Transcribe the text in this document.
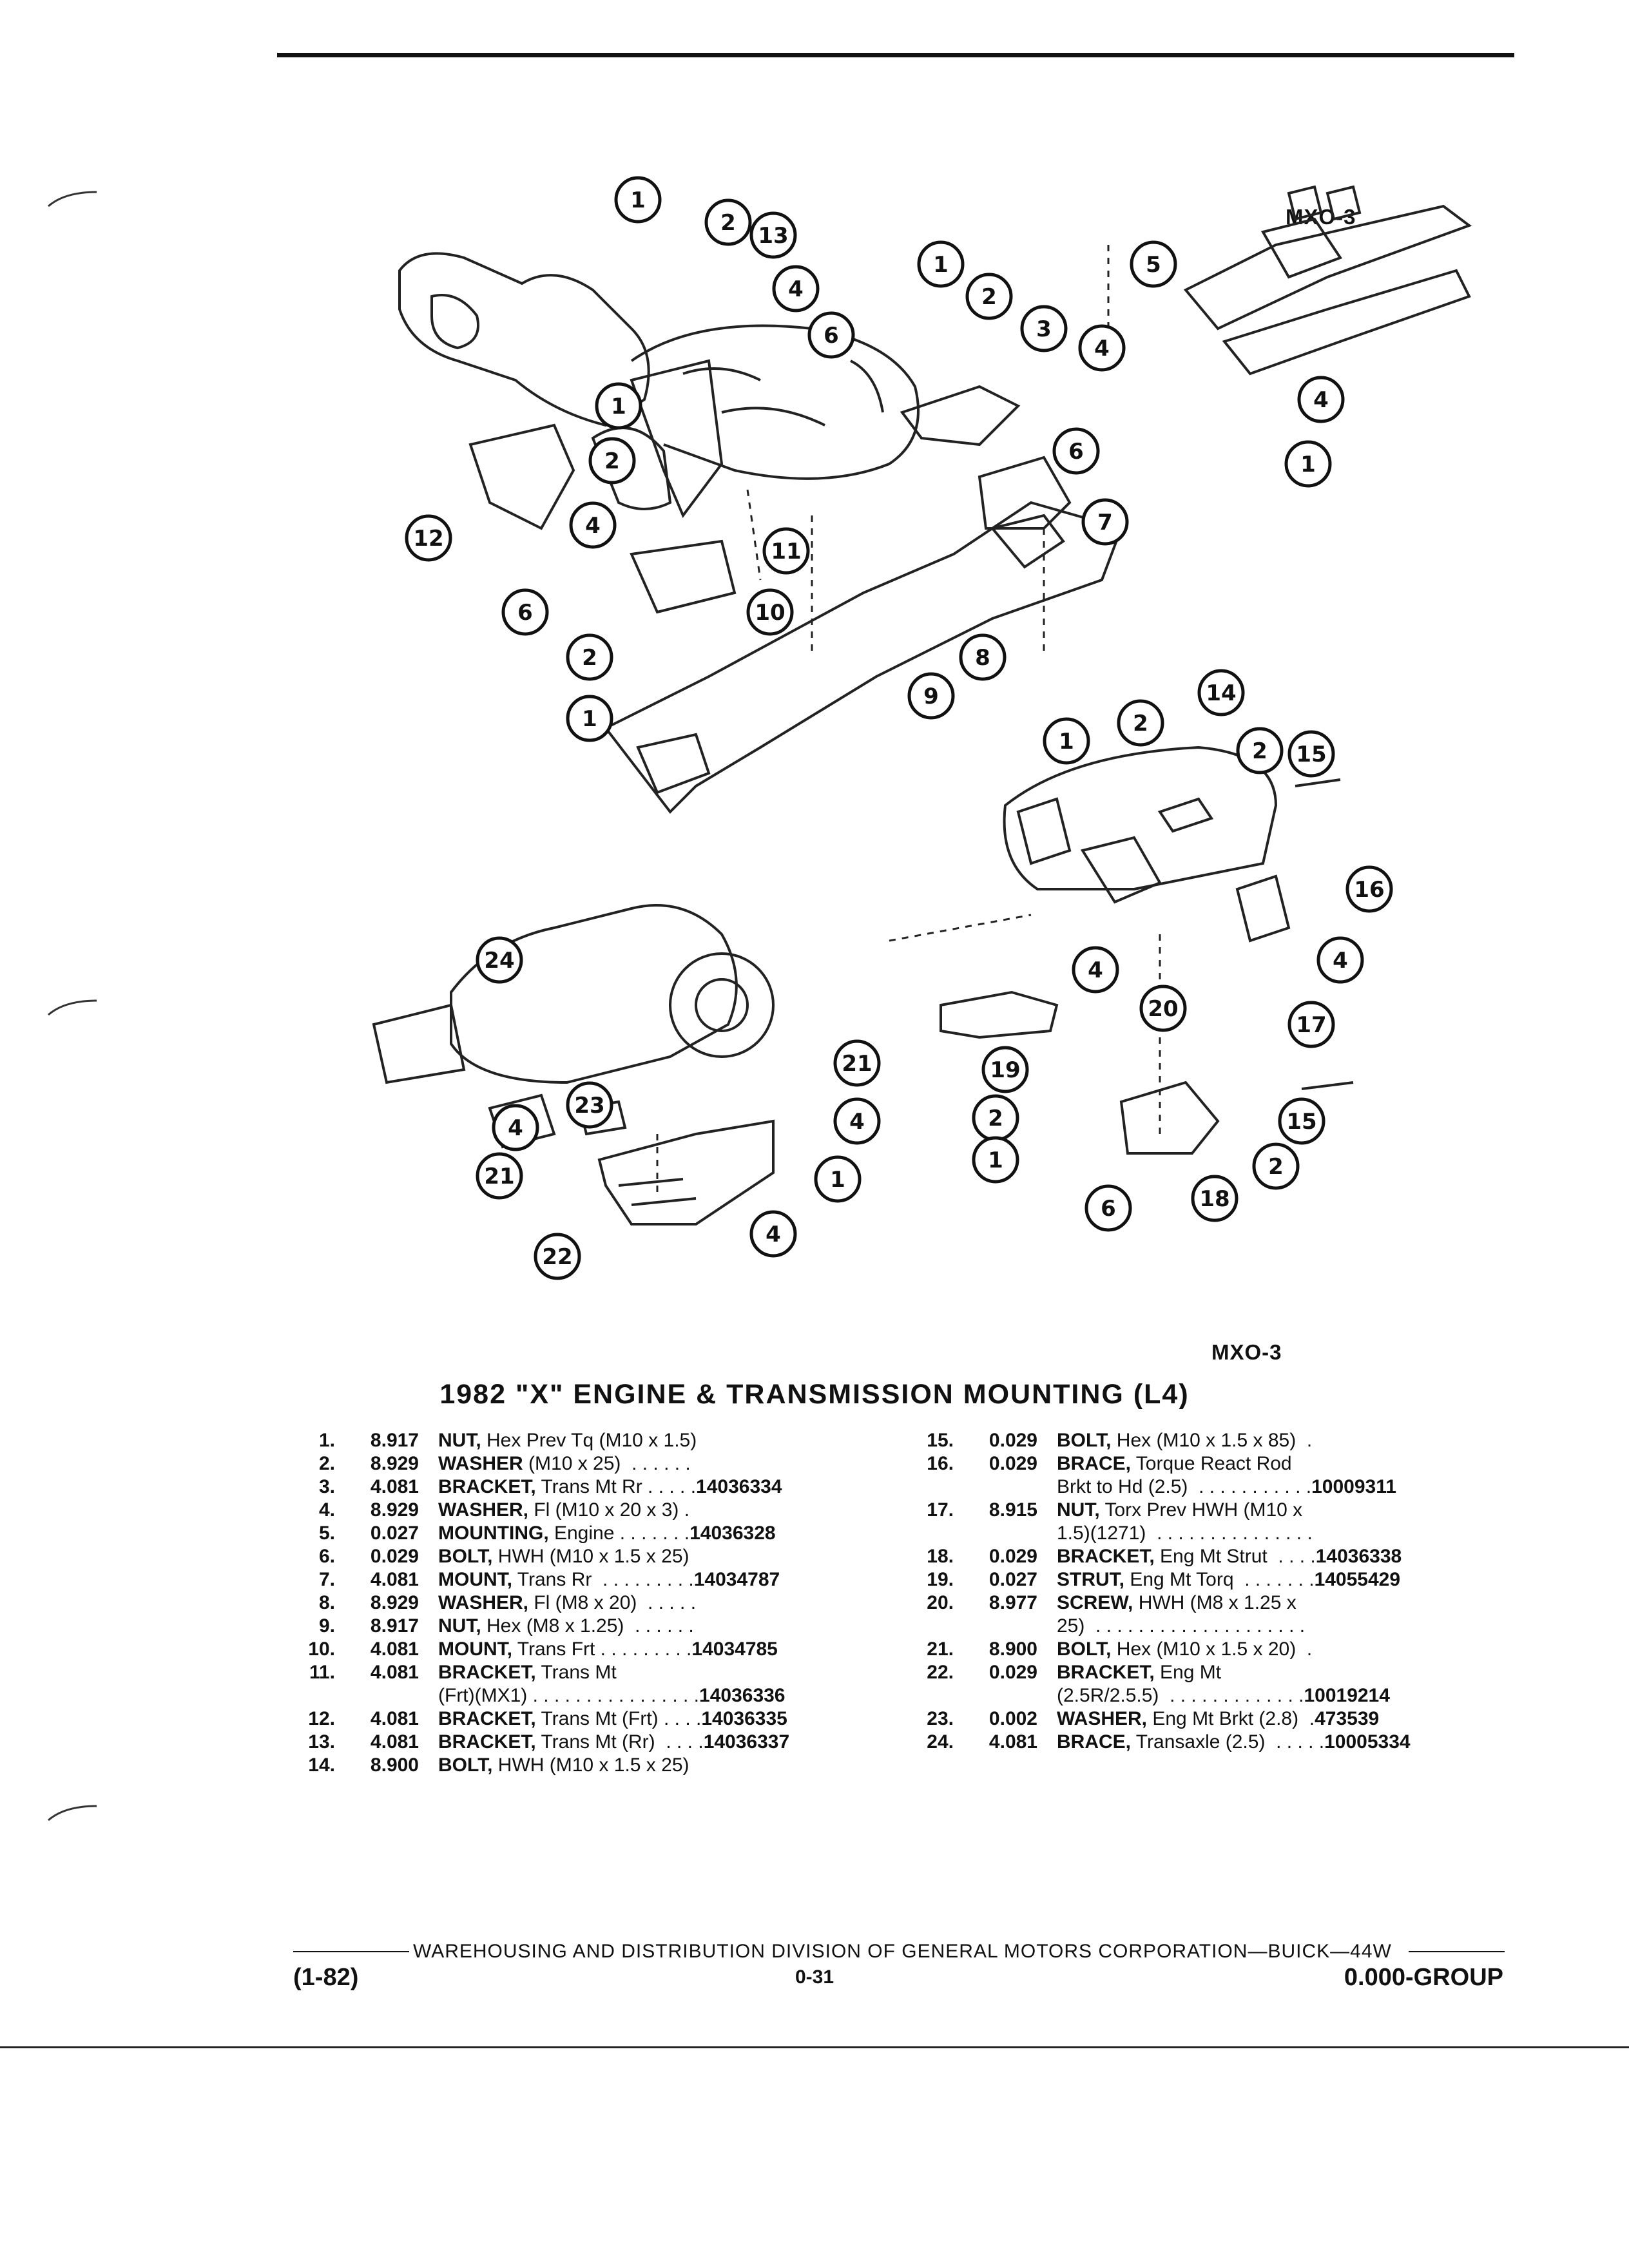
MXO-3
MXO-3
1
2 13
4
6
1
2
3
4
6
7
5
4
1
1
2
12	4
11
6	10
8
9
2
1
14
1
2
2 15
16
4
4
20
17
19
2
1
15
2
6	18
24
21
23
4
4
21	1
4
22
1982 "X" ENGINE & TRANSMISSION MOUNTING (L4)
1.	8.917 NUT, Hex Prev Tq (M10 x 1.5)
2.	8.929 WASHER (M10 x 25)  . . . . . .
3.	4.081 BRACKET, Trans Mt Rr . . . . .14036334
4.	8.929 WASHER, Fl (M10 x 20 x 3) .
5.	0.027 MOUNTING, Engine . . . . . . .14036328
6.	0.029 BOLT, HWH (M10 x 1.5 x 25)
7.	4.081 MOUNT, Trans Rr  . . . . . . . . .14034787
8.	8.929 WASHER, Fl (M8 x 20)  . . . . .
9.	8.917 NUT, Hex (M8 x 1.25)  . . . . . .
10.	4.081 MOUNT, Trans Frt . . . . . . . . .14034785
11.	4.081 BRACKET, Trans Mt
(Frt)(MX1) . . . . . . . . . . . . . . . .14036336
12.	4.081 BRACKET, Trans Mt (Frt) . . . .14036335
13.	4.081 BRACKET, Trans Mt (Rr)  . . . .14036337
14.	8.900 BOLT, HWH (M10 x 1.5 x 25)
15.	0.029 BOLT, Hex (M10 x 1.5 x 85)  .
16.	0.029 BRACE, Torque React Rod
Brkt to Hd (2.5)  . . . . . . . . . . .10009311
17.	8.915 NUT, Torx Prev HWH (M10 x
1.5)(1271)  . . . . . . . . . . . . . . .
18.	0.029 BRACKET, Eng Mt Strut  . . . .14036338
19.	0.027 STRUT, Eng Mt Torq  . . . . . . .14055429
20.	8.977 SCREW, HWH (M8 x 1.25 x
25)  . . . . . . . . . . . . . . . . . . . .
21.	8.900 BOLT, Hex (M10 x 1.5 x 20)  .
22.	0.029 BRACKET, Eng Mt
(2.5R/2.5.5)  . . . . . . . . . . . . .10019214
23.	0.002 WASHER, Eng Mt Brkt (2.8)  .473539
24.	4.081 BRACE, Transaxle (2.5)  . . . . .10005334
WAREHOUSING AND DISTRIBUTION DIVISION OF GENERAL MOTORS CORPORATION—BUICK—44W
(1-82)	0-31	0.000-GROUP
